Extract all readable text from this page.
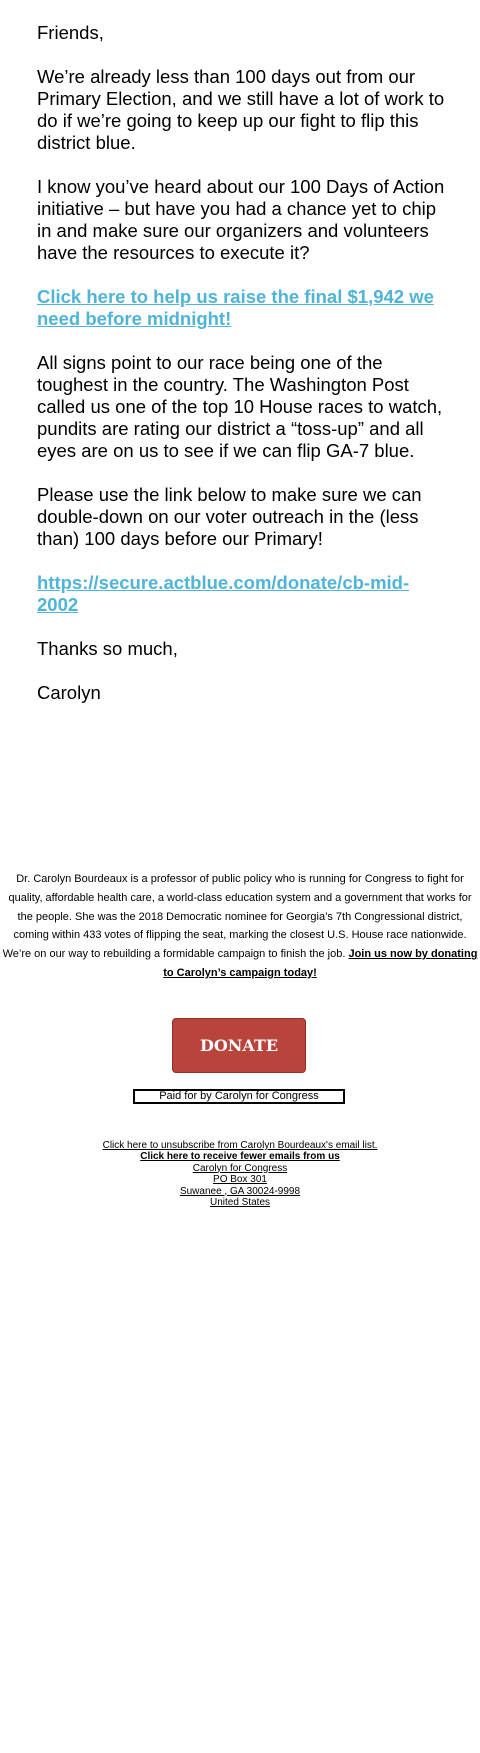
Friends,

We’re already less than 100 days out from our Primary Election, and we still have a lot of work to do if we’re going to keep up our fight to flip this district blue.

I know you’ve heard about our 100 Days of Action initiative – but have you had a chance yet to chip in and make sure our organizers and volunteers have the resources to execute it?

Click here to help us raise the final $1,942 we need before midnight!

All signs point to our race being one of the toughest in the country. The Washington Post called us one of the top 10 House races to watch, pundits are rating our district a “toss-up” and all eyes are on us to see if we can flip GA-7 blue.

Please use the link below to make sure we can double-down on our voter outreach in the (less than) 100 days before our Primary!

https://secure.actblue.com/donate/cb-mid-2002

Thanks so much,

Carolyn

Dr. Carolyn Bourdeaux is a professor of public policy who is running for Congress to fight for quality, affordable health care, a world-class education system and a government that works for the people. She was the 2018 Democratic nominee for Georgia’s 7th Congressional district, coming within 433 votes of flipping the seat, marking the closest U.S. House race nationwide. We’re on our way to rebuilding a formidable campaign to finish the job. Join us now by donating to Carolyn’s campaign today!
DONATE
Paid for by Carolyn for Congress
Click here to unsubscribe from Carolyn Bourdeaux's email list.
Click here to receive fewer emails from us
Carolyn for Congress
PO Box 301
Suwanee , GA 30024-9998
United States
